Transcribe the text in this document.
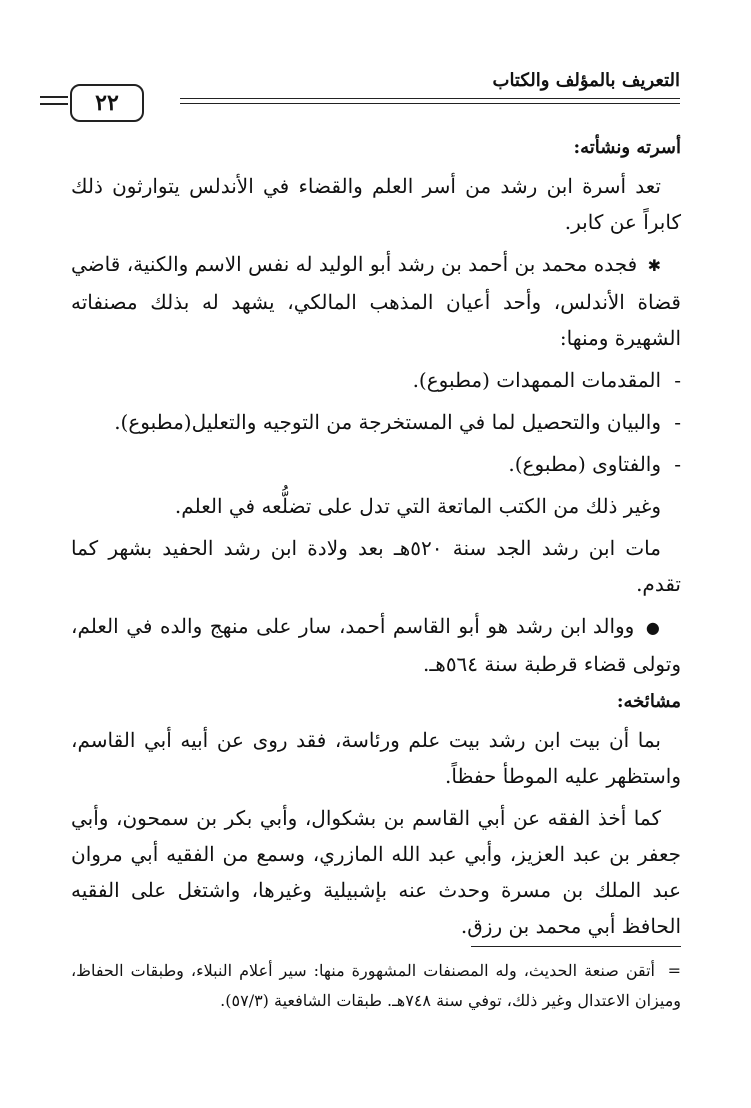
التعريف بالمؤلف والكتاب
٢٢
أسرته ونشأته:

تعد أسرة ابن رشد من أسر العلم والقضاء في الأندلس يتوارثون ذلك كابراً عن كابر.

✱ فجده محمد بن أحمد بن رشد أبو الوليد له نفس الاسم والكنية، قاضي قضاة الأندلس، وأحد أعيان المذهب المالكي، يشهد له بذلك مصنفاته الشهيرة ومنها:

-المقدمات الممهدات (مطبوع).
-والبيان والتحصيل لما في المستخرجة من التوجيه والتعليل(مطبوع).
-والفتاوى (مطبوع).

وغير ذلك من الكتب الماتعة التي تدل على تضلُّعه في العلم.

مات ابن رشد الجد سنة ٥٢٠هـ بعد ولادة ابن رشد الحفيد بشهر كما تقدم.

● ووالد ابن رشد هو أبو القاسم أحمد، سار على منهج والده في العلم، وتولى قضاء قرطبة سنة ٥٦٤هـ.

مشائخه:

بما أن بيت ابن رشد بيت علم ورئاسة، فقد روى عن أبيه أبي القاسم، واستظهر عليه الموطأ حفظاً.

كما أخذ الفقه عن أبي القاسم بن بشكوال، وأبي بكر بن سمحون، وأبي جعفر بن عبد العزيز، وأبي عبد الله المازري، وسمع من الفقيه أبي مروان عبد الملك بن مسرة وحدث عنه بإشبيلية وغيرها، واشتغل على الفقيه الحافظ أبي محمد بن رزق.

=أتقن صنعة الحديث، وله المصنفات المشهورة منها: سير أعلام النبلاء، وطبقات الحفاظ، وميزان الاعتدال وغير ذلك، توفي سنة ٧٤٨هـ. طبقات الشافعية (٥٧/٣).
